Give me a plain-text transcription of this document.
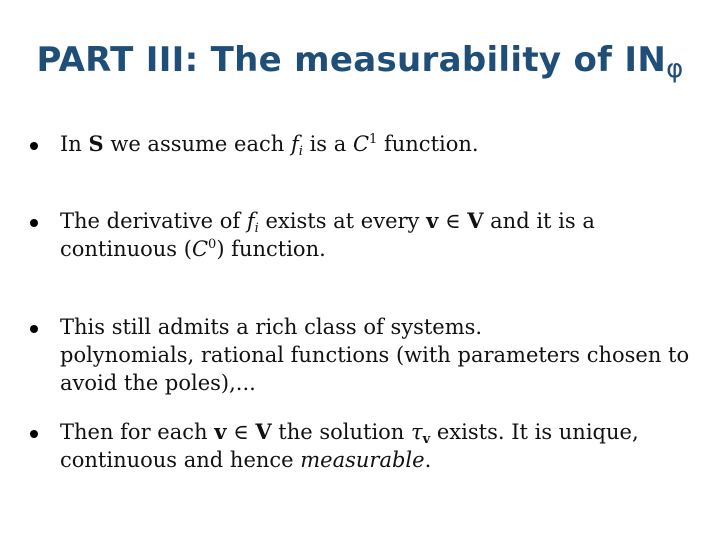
PART III: The measurability of INφ
In S we assume each $f_i$ is a $C^1$ function.
The derivative of $f_i$ exists at every v ∈ V and it is a
continuous $(C^0)$ function.
This still admits a rich class of systems.
polynomials, rational functions (with parameters chosen to
avoid the poles),...
Then for each v ∈ V the solution $\tau_v$ exists. It is unique,
continuous and hence measurable.
